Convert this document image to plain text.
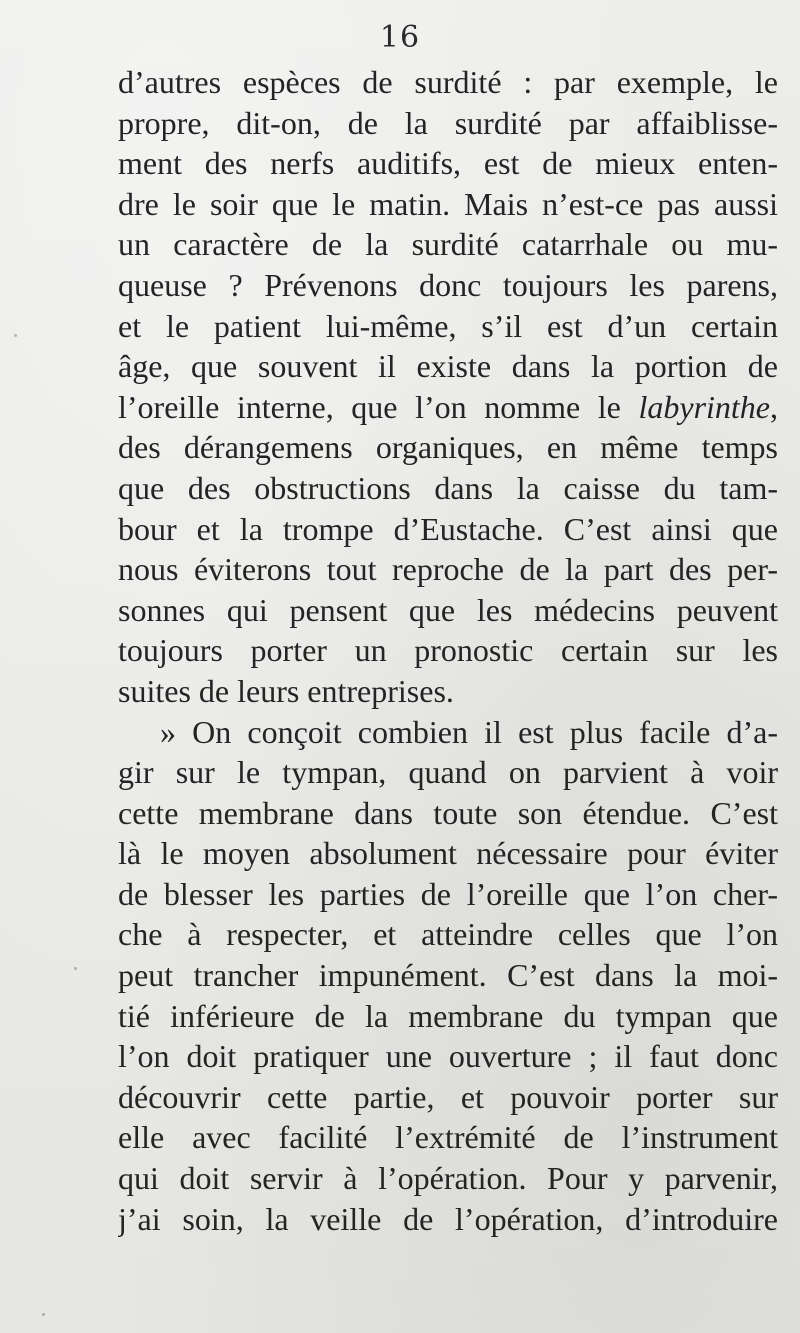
16
d’autres espèces de surdité : par exemple, le
propre, dit-on, de la surdité par affaiblisse-
ment des nerfs auditifs, est de mieux enten-
dre le soir que le matin. Mais n’est-ce pas aussi
un caractère de la surdité catarrhale ou mu-
queuse ? Prévenons donc toujours les parens,
et le patient lui-même, s’il est d’un certain
âge, que souvent il existe dans la portion de
l’oreille interne, que l’on nomme le labyrinthe,
des dérangemens organiques, en même temps
que des obstructions dans la caisse du tam-
bour et la trompe d’Eustache. C’est ainsi que
nous éviterons tout reproche de la part des per-
sonnes qui pensent que les médecins peuvent
toujours porter un pronostic certain sur les
suites de leurs entreprises.
» On conçoit combien il est plus facile d’a-
gir sur le tympan, quand on parvient à voir
cette membrane dans toute son étendue. C’est
là le moyen absolument nécessaire pour éviter
de blesser les parties de l’oreille que l’on cher-
che à respecter, et atteindre celles que l’on
peut trancher impunément. C’est dans la moi-
tié inférieure de la membrane du tympan que
l’on doit pratiquer une ouverture ; il faut donc
découvrir cette partie, et pouvoir porter sur
elle avec facilité l’extrémité de l’instrument
qui doit servir à l’opération. Pour y parvenir,
j’ai soin, la veille de l’opération, d’introduire
